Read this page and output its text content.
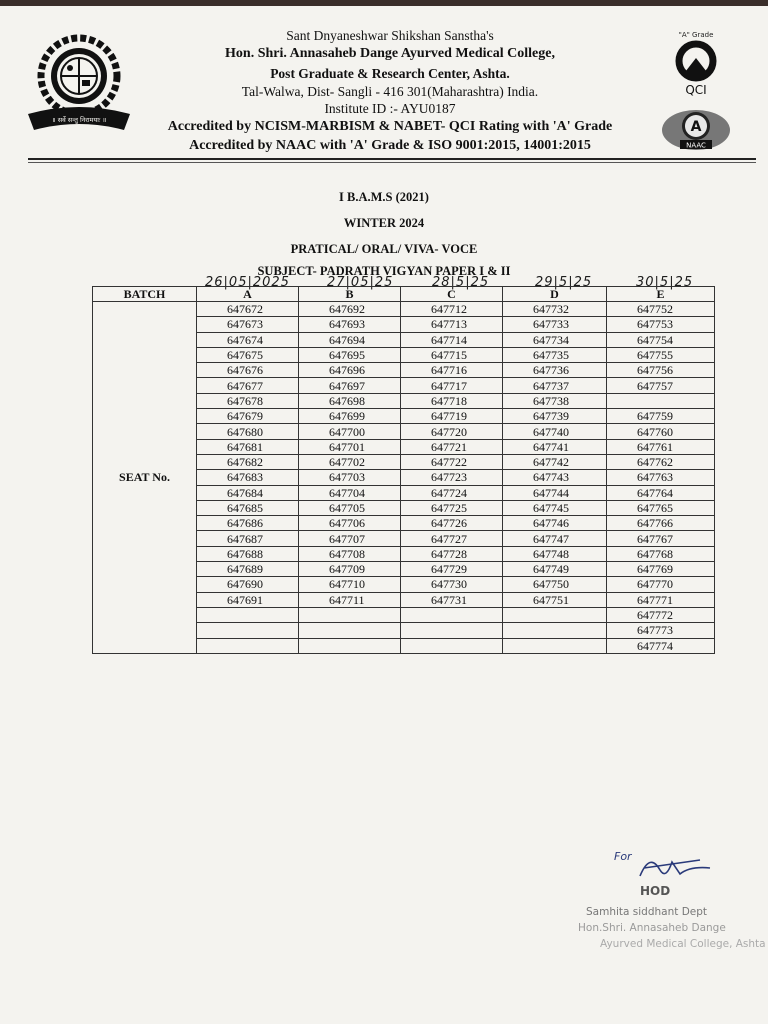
॥ सर्वे सन्तु निरामयाः ॥
"A" Grade
QCI
A
NAAC
Sant Dnyaneshwar Shikshan Sanstha's
Hon. Shri. Annasaheb Dange Ayurved Medical College,
Post Graduate & Research Center, Ashta.
Tal-Walwa, Dist- Sangli - 416 301(Maharashtra) India.
Institute ID :- AYU0187
Accredited by NCISM-MARBISM & NABET- QCI Rating with 'A' Grade
Accredited by NAAC with 'A' Grade & ISO 9001:2015, 14001:2015
I B.A.M.S (2021)
WINTER 2024
PRATICAL/ ORAL/ VIVA- VOCE
SUBJECT- PADRATH VIGYAN PAPER I & II
26|05|2025	27|05|25	28|5|25	29|5|25	30|5|25
BATCH	A	B	C	D	E
SEAT No.	647672	647692	647712	647732	647752
	647673	647693	647713	647733	647753
	647674	647694	647714	647734	647754
	647675	647695	647715	647735	647755
	647676	647696	647716	647736	647756
	647677	647697	647717	647737	647757
	647678	647698	647718	647738	
	647679	647699	647719	647739	647759
	647680	647700	647720	647740	647760
	647681	647701	647721	647741	647761
	647682	647702	647722	647742	647762
	647683	647703	647723	647743	647763
	647684	647704	647724	647744	647764
	647685	647705	647725	647745	647765
	647686	647706	647726	647746	647766
	647687	647707	647727	647747	647767
	647688	647708	647728	647748	647768
	647689	647709	647729	647749	647769
	647690	647710	647730	647750	647770
	647691	647711	647731	647751	647771
					647772
					647773
					647774
For
HOD
Samhita siddhant Dept
Hon.Shri. Annasaheb Dange
Ayurved Medical College, Ashta
